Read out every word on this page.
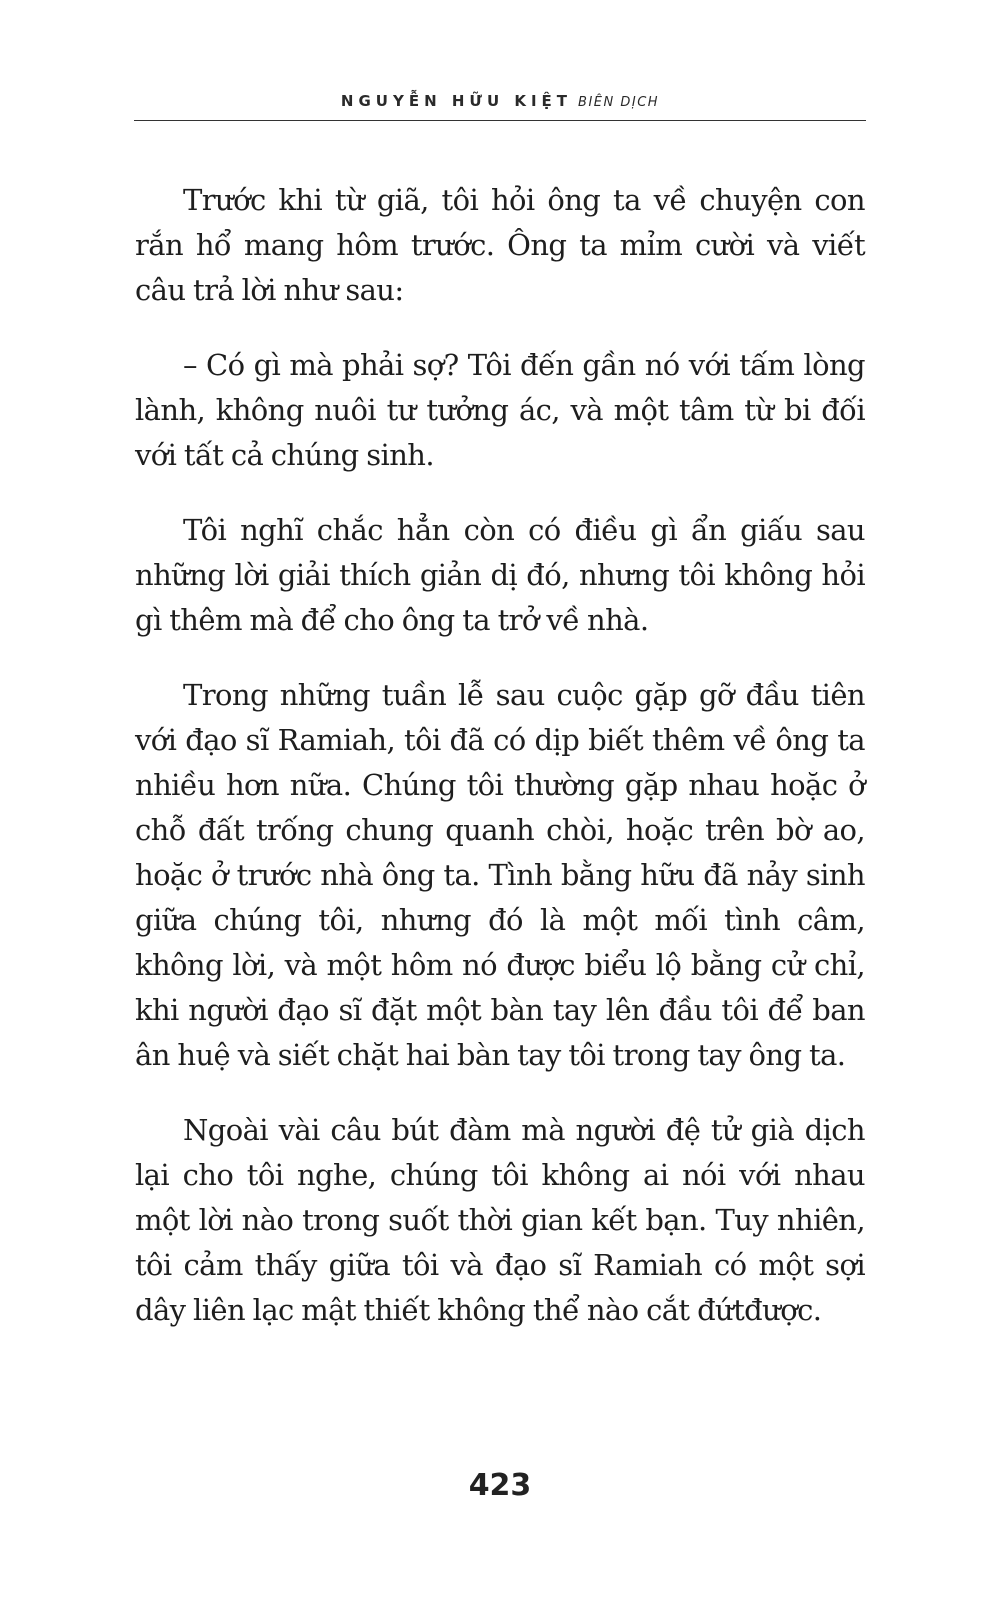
NGUYỄN HỮU KIỆT BIÊN DỊCH

Trước khi từ giã, tôi hỏi ông ta về chuyện con rắn hổ mang hôm trước. Ông ta mỉm cười và viết câu trả lời như sau:

– Có gì mà phải sợ? Tôi đến gần nó với tấm lòng lành, không nuôi tư tưởng ác, và một tâm từ bi đối với tất cả chúng sinh.

Tôi nghĩ chắc hẳn còn có điều gì ẩn giấu sau những lời giải thích giản dị đó, nhưng tôi không hỏi gì thêm mà để cho ông ta trở về nhà.

Trong những tuần lễ sau cuộc gặp gỡ đầu tiên với đạo sĩ Ramiah, tôi đã có dịp biết thêm về ông ta nhiều hơn nữa. Chúng tôi thường gặp nhau hoặc ở chỗ đất trống chung quanh chòi, hoặc trên bờ ao, hoặc ở trước nhà ông ta. Tình bằng hữu đã nảy sinh giữa chúng tôi, nhưng đó là một mối tình câm, không lời, và một hôm nó được biểu lộ bằng cử chỉ, khi người đạo sĩ đặt một bàn tay lên đầu tôi để ban ân huệ và siết chặt hai bàn tay tôi trong tay ông ta.

Ngoài vài câu bút đàm mà người đệ tử già dịch lại cho tôi nghe, chúng tôi không ai nói với nhau một lời nào trong suốt thời gian kết bạn. Tuy nhiên, tôi cảm thấy giữa tôi và đạo sĩ Ramiah có một sợi dây liên lạc mật thiết không thể nào cắt đứtđược.

423
